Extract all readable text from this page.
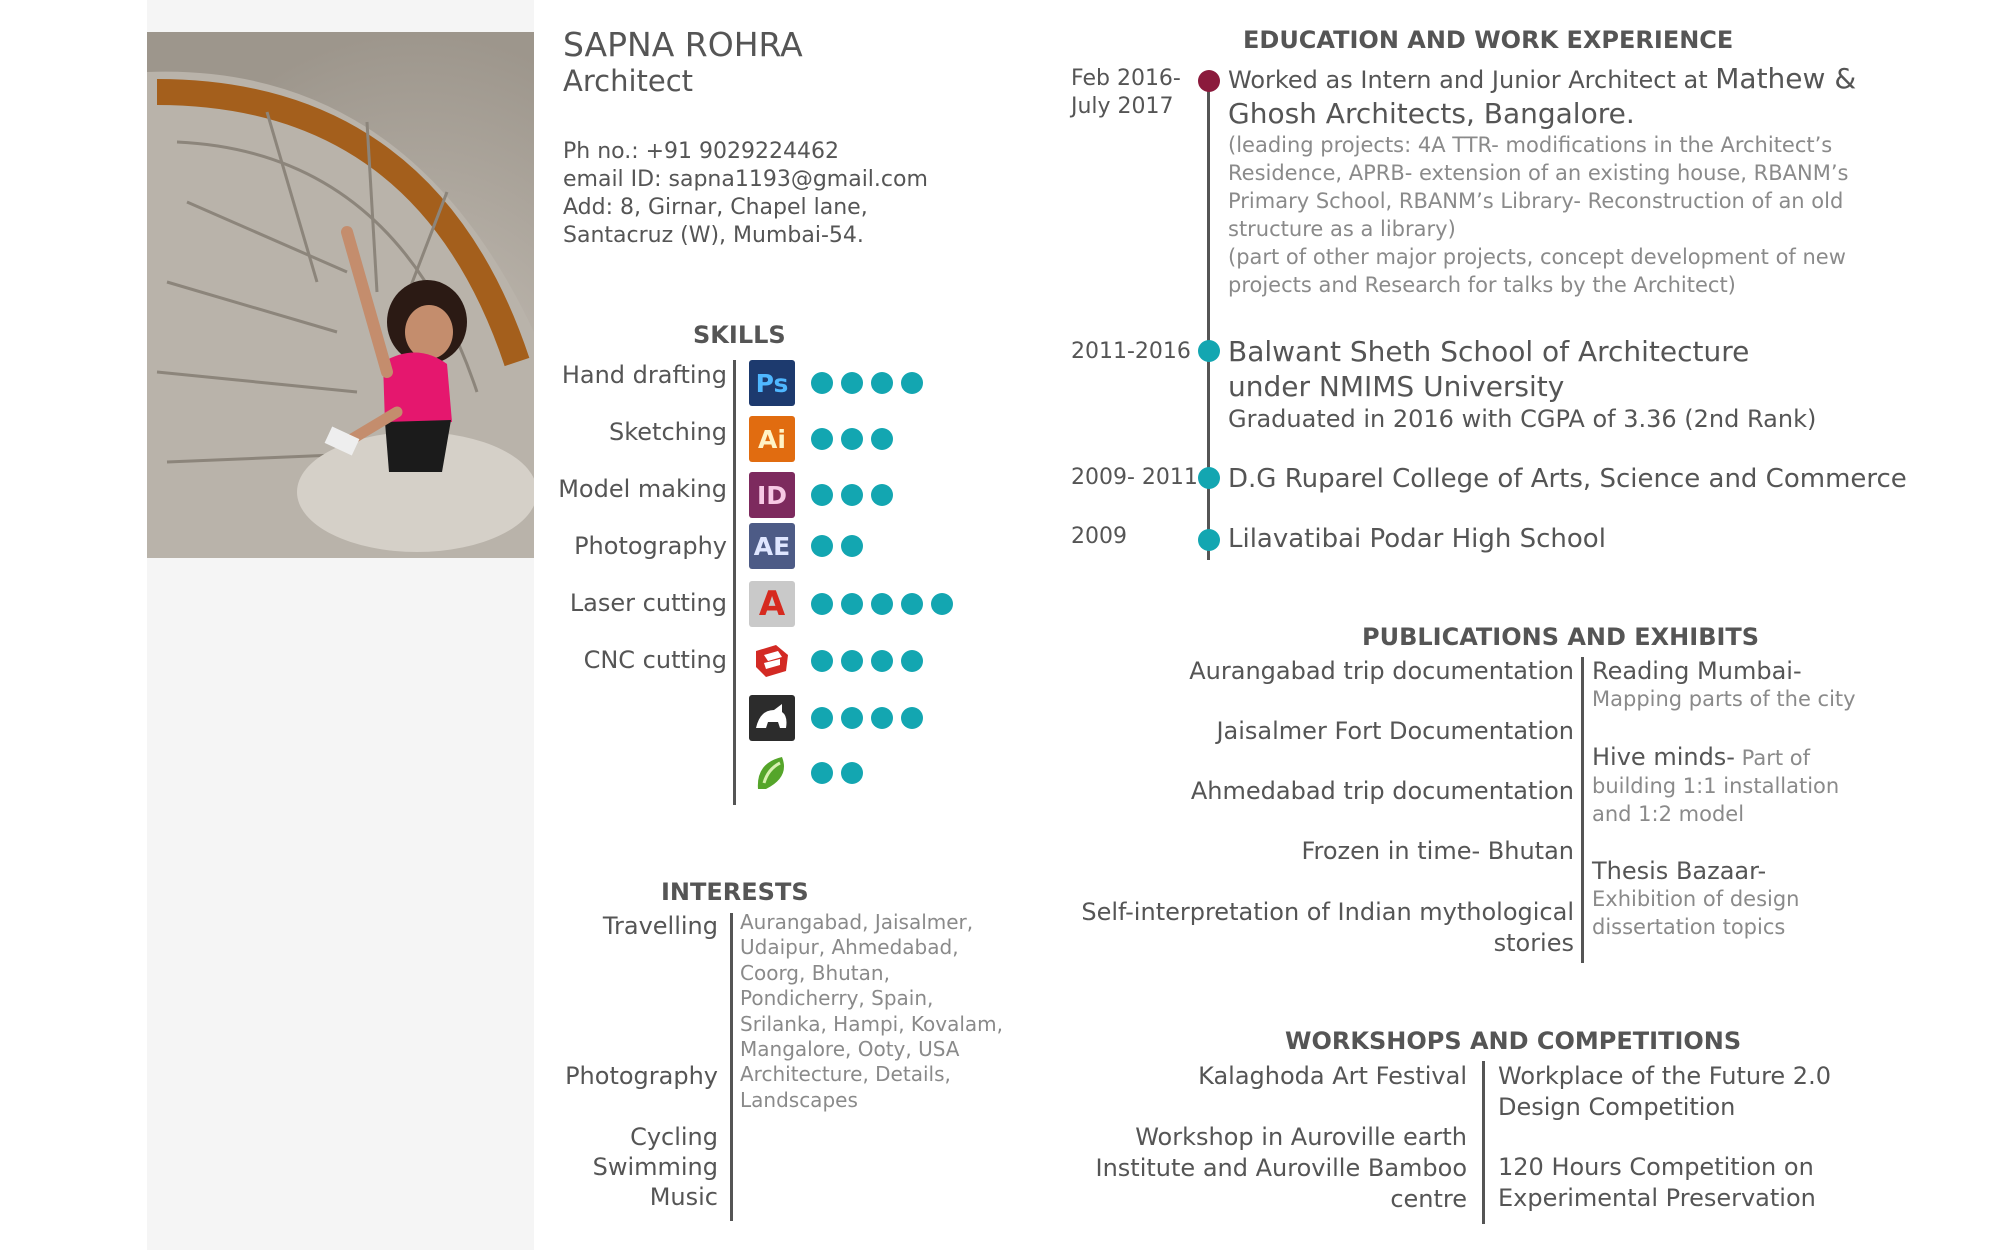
SAPNA ROHRA
Architect
Ph no.: +91 9029224462
email ID: sapna1193@gmail.com
Add: 8, Girnar, Chapel lane,
Santacruz (W), Mumbai-54.
SKILLS
Hand drafting
Sketching
Model making
Photography
Laser cutting
CNC cutting
Ps
Ai
ID
AE
A
INTERESTS
Travelling
Photography
Cycling
Swimming
Music
Aurangabad, Jaisalmer,
Udaipur, Ahmedabad,
Coorg, Bhutan,
Pondicherry, Spain,
Srilanka, Hampi, Kovalam,
Mangalore, Ooty, USA
Architecture, Details,
Landscapes
EDUCATION AND WORK EXPERIENCE
Feb 2016-
July 2017
Worked as Intern and Junior Architect at Mathew &
Ghosh Architects, Bangalore.
(leading projects: 4A TTR- modifications in the Architect’s
Residence, APRB- extension of an existing house, RBANM’s
Primary School, RBANM’s Library- Reconstruction of an old
structure as a library)
(part of other major projects, concept development of new
projects and Research for talks by the Architect)
2011-2016 Balwant Sheth School of Architecture
under NMIMS University
Graduated in 2016 with CGPA of 3.36 (2nd Rank)
2009- 2011 D.G Ruparel College of Arts, Science and Commerce
2009	Lilavatibai Podar High School
PUBLICATIONS AND EXHIBITS
Aurangabad trip documentation
Jaisalmer Fort Documentation
Ahmedabad trip documentation
Frozen in time- Bhutan
Self-interpretation of Indian mythological
stories
Reading Mumbai-
Mapping parts of the city
Hive minds- Part of
building 1:1 installation
and 1:2 model
Thesis Bazaar-
Exhibition of design
dissertation topics
WORKSHOPS AND COMPETITIONS
Kalaghoda Art Festival
Workshop in Auroville earth
Institute and Auroville Bamboo
centre
Workplace of the Future 2.0
Design Competition
120 Hours Competition on
Experimental Preservation
